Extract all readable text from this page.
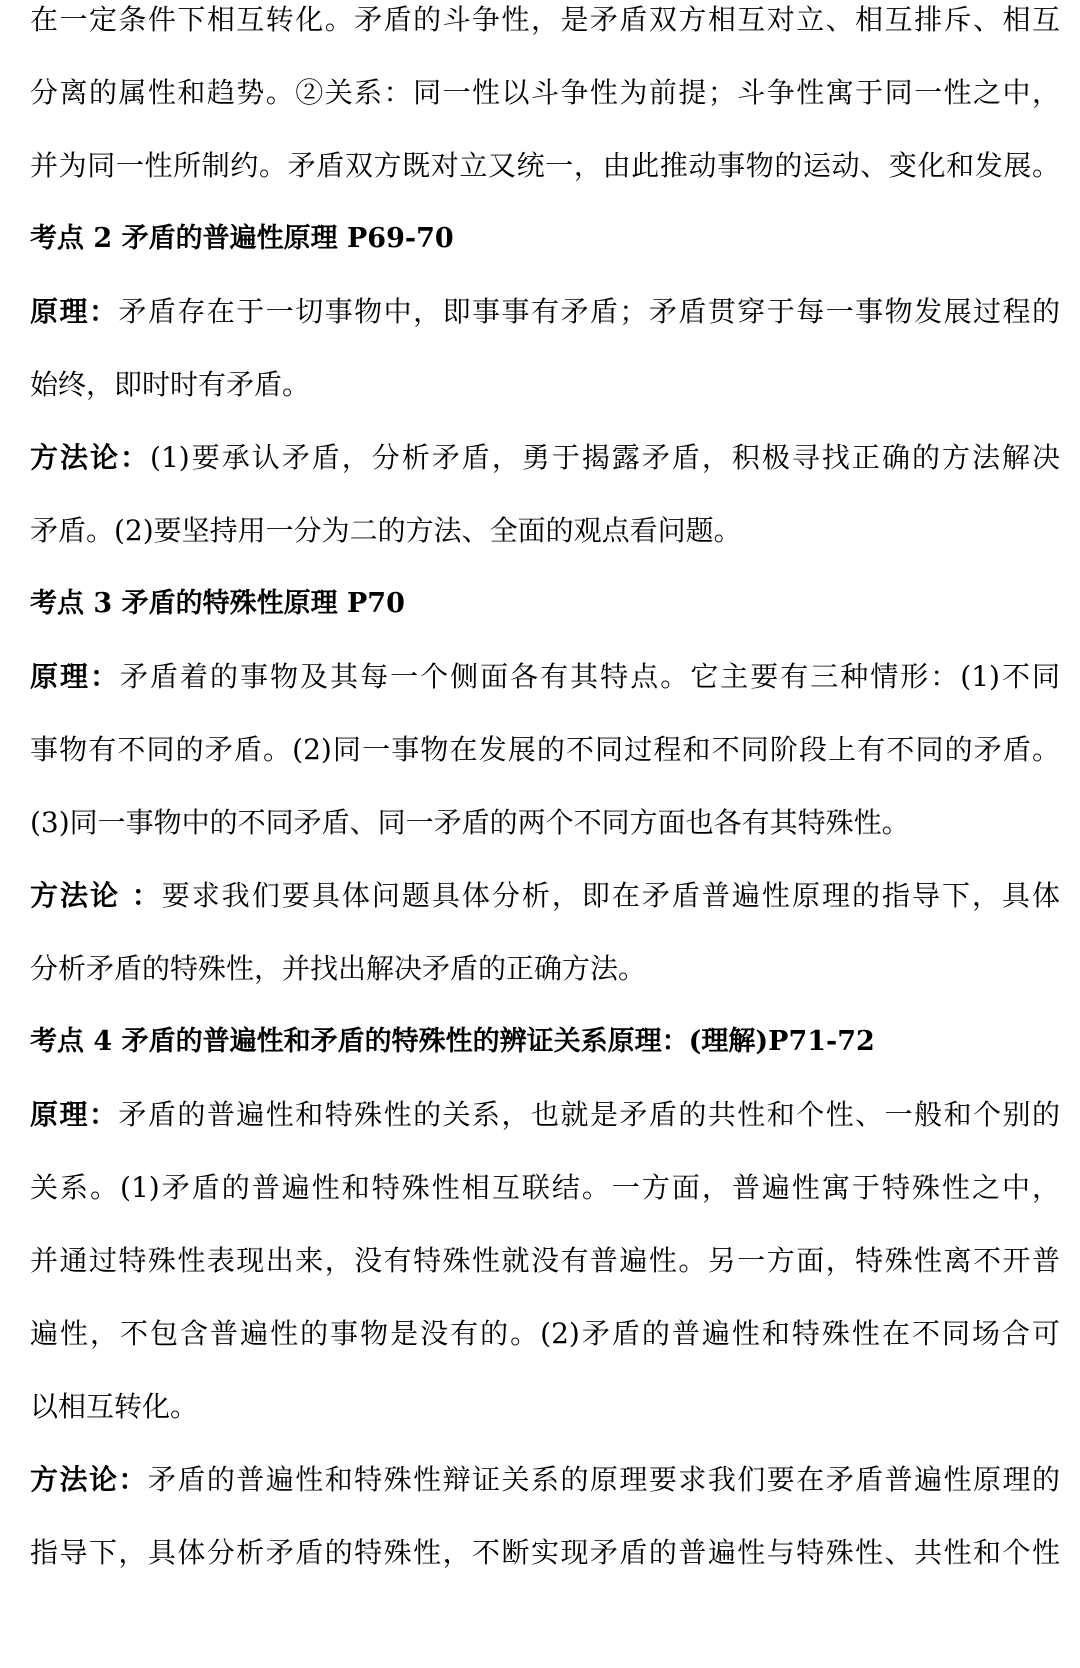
在一定条件下相互转化。矛盾的斗争性，是矛盾双方相互对立、相互排斥、相互
分离的属性和趋势。②关系：同一性以斗争性为前提；斗争性寓于同一性之中，
并为同一性所制约。矛盾双方既对立又统一，由此推动事物的运动、变化和发展。
考点 2 矛盾的普遍性原理 P69-70
原理：矛盾存在于一切事物中，即事事有矛盾；矛盾贯穿于每一事物发展过程的
始终，即时时有矛盾。
方法论：(1)要承认矛盾，分析矛盾，勇于揭露矛盾，积极寻找正确的方法解决
矛盾。(2)要坚持用一分为二的方法、全面的观点看问题。
考点 3 矛盾的特殊性原理 P70
原理：矛盾着的事物及其每一个侧面各有其特点。它主要有三种情形：(1)不同
事物有不同的矛盾。(2)同一事物在发展的不同过程和不同阶段上有不同的矛盾。
(3)同一事物中的不同矛盾、同一矛盾的两个不同方面也各有其特殊性。
方法论 ：要求我们要具体问题具体分析，即在矛盾普遍性原理的指导下，具体
分析矛盾的特殊性，并找出解决矛盾的正确方法。
考点 4 矛盾的普遍性和矛盾的特殊性的辨证关系原理：(理解)P71-72
原理：矛盾的普遍性和特殊性的关系，也就是矛盾的共性和个性、一般和个别的
关系。(1)矛盾的普遍性和特殊性相互联结。一方面，普遍性寓于特殊性之中，
并通过特殊性表现出来，没有特殊性就没有普遍性。另一方面，特殊性离不开普
遍性，不包含普遍性的事物是没有的。(2)矛盾的普遍性和特殊性在不同场合可
以相互转化。
方法论：矛盾的普遍性和特殊性辩证关系的原理要求我们要在矛盾普遍性原理的
指导下，具体分析矛盾的特殊性，不断实现矛盾的普遍性与特殊性、共性和个性
